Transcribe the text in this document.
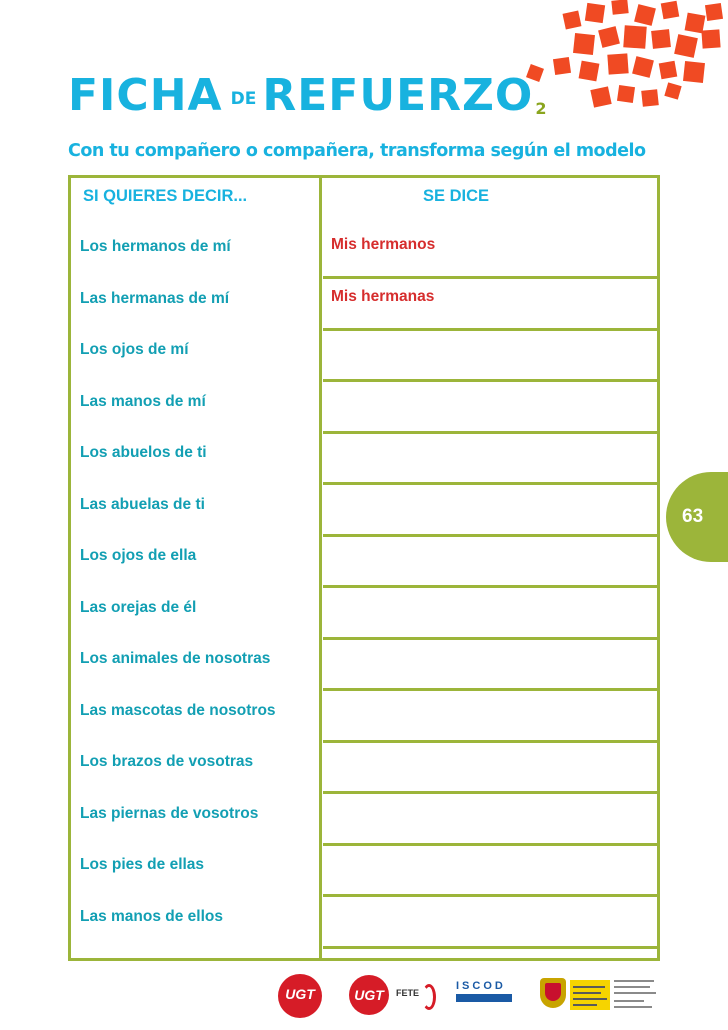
FICHA DE REFUERZO 2
Con tu compañero o compañera, transforma según el modelo
SI QUIERES DECIR...	SE DICE
Los hermanos de mí	Mis hermanos
Las hermanas de mí	Mis hermanas
Los ojos de mí
Las manos de mí
Los abuelos de ti
Las abuelas de ti
Los ojos de ella
Las orejas de él
Los animales de nosotras
Las mascotas de nosotros
Los brazos de vosotras
Las piernas de vosotros
Los pies de ellas
Las manos de ellos
63
UGT	UGT	FETE
ISCOD
